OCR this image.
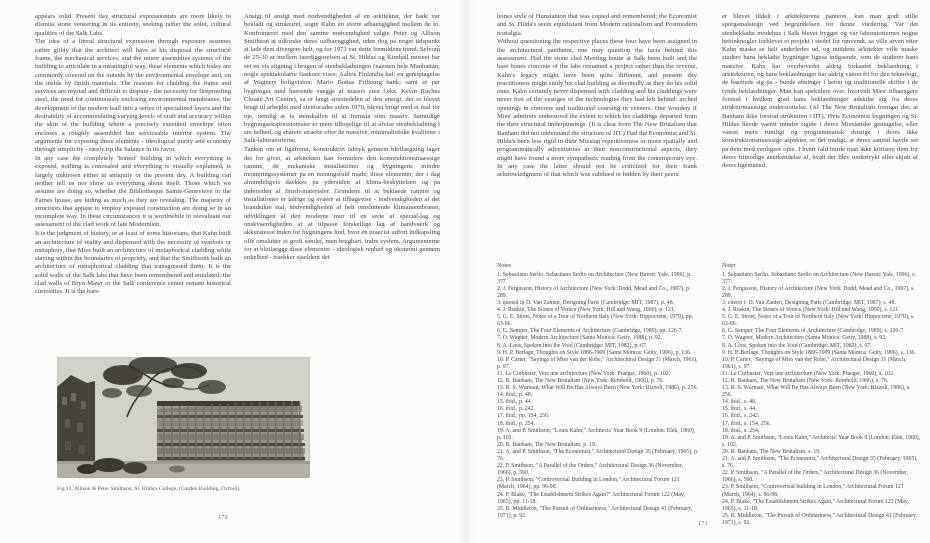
appears solid. Present day structural expressionists are more likely to dismiss stone veneering in its entirety, seeking rather the solid, cultural qualities of the Salk Labs.
The idea of a literal structural expression through exposure assumes rather glibly that the architect will have at his disposal the structural frame, the mechanical services, and the minor assemblies systems of the building to articulate in a meaningful way, these elements which today are commonly covered on the outside by the environmental envelope and, on the inside by finish materials. The reasons for cladding the frame and services are myriad and difficult to dispute - the necessity for fireproofing steel, the need for continuously enclosing environmental membranes, the development of the modern wall into a series of specialized layers and the desirability of accommodating varying levels of craft and accuracy within the skin of the building where a precisely executed envelope often encloses a roughly assembled but serviceable interior system. The arguments for exposing these elements - ideological purity and economy through simplicity - rarely tip the balance in its favor.
In any case the completely 'honest' building in which everything is exposed, nothing is concealed and everything is visually explained, is largely unknown either in antiquity or the present day. A building can neither tell us nor show us everything about itself. Those which we assume are doing so, whether the Bibliotheque Sainte-Genevieve or the Farnes house, are hiding as much as they are revealing. The majority of structures that appear to employ exposed construction are doing so in an incomplete way. In these circumstances it is worthwhile to reevaluate our assessment of the clad work of late Modernism.
It is the judgment of history, or at least of some historians, that Kahn built an architecture of reality and dispensed with the necessity of symbols or metaphors, that Mies built an architecture of metaphorical cladding while staying within the boundaries of propriety, and that the Smithsons built an architecture of metaphorical cladding that transgressed them. It is the solid walls of the Salk labs that have been remembered and emulated; the clad walls of Bryn Mawr or the Salk conference center remain historical curiosities. It is the bare-
Ansigt til ansigt med nodvendigheden af en arkitektur, der bade var bekladt og strukturel, sogte Kahn en storre afhaengighed mellem de to. Konfronteret med den samme nodvendighed valgte Peter og Allison Smithson at udforske deres uafhaengighed, uden dog pa noget tidspunkt at lade dem divergere helt, og for 1971 var dette fremtidens trend. Selvom de 25-30 ar mellem faerdiggorelsen af St. Hildas og Kimball museet har set en vis stigning i brugen af stenbekladningen (naesten hele Manhattan; nogle spektakulaere fiaskoer vises; Aaltos Finlandia hal; en genoptagelse af Wagners boligvision; Mario Bottas Fribourg bank; samt et par bygninger med baerende vaegge af massiv sten f.eks. Kevin Roches Choate Art Centre), sa er langt storstedelen af den energi, der er blevet brugt til arbejdet med stenfacader siden 1970, blevet brugt med et mal for oje, nemlig at fa stenskallen til at fremsta som massiv. Samtidige bygningsekspressionister er mere tilbojelige til at afvise stenbekladning i sin helhed, og snarere straebe efter de massive, minimalistiske kvaliteter i Salk-laboratorierne.
Tanken om et ligefremt, konstruktivt udtryk gennem blotlaegning tager det for givet, at arkitekten kan formulere den konstruktionsmaessige ramme, de mekaniske installationer og bygningens mindre monteringssystemer pa en meningsfuld made; disse elementer, der i dag almindeligvis daekkes pa ydersiden af klima-beskyttelsen og pa indersiden af finish-materialer. Grundene til at beklaede ramme og installationer er talrige og svaere at tilbagevise - nodvendigheden af det brandsikre stal, nodvendigheden af helt omsluttende klimamembraner, udviklingen af den moderne mur til en serie af special-lag og onskvaerdigheden af at tilpasse forskellige lag af handvaerk og akkuratesse inden for bygningens hud, hvor en praecist udfort indkapsling ofte omslutter et groft samlet, men brugbart, indre system. Argumenterne for at blotlaegge disse elementer - ideologisk renhed og okonomi gennem enkelhed - traekker sjaeldent det
Fig 13. Allison & Peter Smithson, St. Hilda's College, (Garden Building, Oxford).
170
bones style of Hunstanton that was copied and remembered; the Economist and St. Hilda's seem equidistant from Modern rationalism and Postmodern nostalgia.
Without questioning the respective places these four have been assigned in the architectural pantheon, one may question the facts behind this assessment. Had the stone clad Meeting house at Salk been built and the bare bones concrete of the labs remained a project rather than the reverse, Kahn's legacy might have been quite different, and present day practitioners might study his clad building as devotedly as they do his solid ones. Kahn certainly never dispensed with cladding and his claddings were never free of the vestiges of the technologies they had left behind: arched openings in concrete and traditional coursing in veneers. One wonders if Mies' admirers understood the extent to which his claddings departed from the their structural underpinnings. (It is clear from The New Brutalism that Banham did not understand the structure of IIT.) Had the Economist and St. Hilda's been less rigid in their Miesian repetitiveness or more spatially and programmatically adventurous in their nonconstructional aspects, they might have found a more sympathetic reading from the contemporary eye. In any case the latter should not be criticized for their frank acknowledgment of that which was subdued or hidden by their peers.
er blevet tildelt i arkitekturens panteon, kan man godt stille sporgsmalstegn ved begrundelsen for denne vurdering. Var det stenbekladte modehus i Salk blevet bygget og var laboratoriernes nogne betonknogler forblevet et projekt i stedet for omvendt, sa ville arven efter Kahn maske se helt anderledes ud, og nutidens arkitekter ville maske studere hans bekladte bygninger ligesa indgaende, som de studerer hans massive. Kahn har overhovedet aldrig forkastet beklaedning i arkitekturen, og hans beklaedninger har aldrig vaeret fri for den teknologi, de baserede sig pa - buede abninger i beton og traditionelle skifter i de tynde beklaedninger. Man kan spekulere over, hvorvidt Mies' tilhaengere forstod i hvilken grad hans beklaedninger adskilte sig fra deres strukturmaessige understottelse. (Af The New Brutalism fremgar det, at Banham ikke forstod strukturen i IIT). Hvis Economist bygningen og St. Hildas havde vaeret mindre rigide i deres Miesianske gentagelse, eller vaeret mere rumligt og programmatisk dristige i deres ikke konstruktionsmaessige aspekter, er det muligt, at deres samtid havde set pa dem med venligere ojne. I hvert fald burde man ikke kritisere dem for deres frimodige anerkendelse af, hvad der blev undertrykt eller skjult af deres ligemaend.
Notes
1. Sebastiano Serlio, Sebastiano Serlio on Architecture (New Haven: Yale, 1996), p. 377.
2. J. Fergusson, History of Architecture (New York: Dodd, Mead and Co., 1907), p. 289.
3. quoted in D. Van Zanten, Designing Paris (Cambridge: MIT, 1987), p. 48.
4. J. Ruskin, The Stones of Venice (New York: Hill and Wang, 1960), p. 121.
5. G. E. Street, Notes of a Tour of Northern Italy (New York: Hippocrene, 1970), pp. 63-66.
6. G. Semper, The Four Elements of Architecture (Cambridge, 1989), pp. 126-7.
7. O. Wagner, Modern Architecture (Santa Monica: Getty, 1988), p. 92.
8. A. Loos, Spoken into the Void (Cambridge: MIT, 1982), p. 67.
9. H. P. Berlage, Thoughts on Style 1886-1909 (Santa Monica: Getty, 1996), p. 136.
10. P. Carter, "Sayings of Mies van der Rohe," Architectural Design 31 (March, 1961), p. 97.
11. Le Corbusier, Vers une architecture (New York: Praeger, 1960), p. 102.
12. R. Banham, The New Brutalism (New York: Reinhold, 1966), p. 76.
13. R. S. Wurman, What Will Be Has Always Been (New York: Rizzoli, 1986), p. 256.
14. ibid., p. 48.
15. ibid., p. 44.
16. ibid., p. 242.
17. ibid., pp. 154, 256.
18. ibid., p. 254.
19. A. and P. Smithson, "Louis Kahn," Architects' Year Book 9 (London: Elek, 1960), p. 102.
20. R. Banham, The New Brutalism, p. 19.
21. A. and P. Smithson, "The Economist," Architectural Design 35 (February, 1965), p. 76.
22. P. Smithson, "A Parallel of the Orders," Architectural Design 36 (November, 1966), p. 560.
23. P. Smithson, "Controversial Building in London," Architectural Forum 121 (March, 1964), pp. 96-98.
24. P. Blake, "The Establishment Strikes Again?" Architectural Forum 122 (May, 1965), pp. 11-18.
25. R. Middleton, "The Pursuit of Ordinariness," Architectural Design 41 (February, 1971), p. 92.
Noter
1. Sebastiano Serlio, Sebastiano Serlio on Architecture (New Haven: Yale, 1996), s. 377.
2. J. Fergusson, History of Architecture (New York: Dodd, Mead and Co., 1907), s. 289.
3. citeret i: D. Van Zanten, Designing Paris (Cambridge: MIT, 1987), s. 48.
4. J. Ruskin, The Stones of Venice (New York: Hill and Wang, 1960), s. 121.
5. G. E. Street, Notes of a Tour of Northern Italy (New York: Hippocrene, 1970), s. 63-66.
6. G. Semper, The Four Elements of Architecture (Cambridge, 1989), s. 126-7.
7. O. Wagner, Modern Architecture (Santa Monica: Getty, 1988), s. 92.
8. A. Loos, Spoken into the Void (Cambridge: MIT, 1982), s. 67.
9. H. P. Berlage, Thoughts on Style 1886-1909 (Santa Monica: Getty, 1996), s. 136.
10. P. Carter, "Sayings of Mies van der Rohe," Architectural Design 31 (March, 1961), s. 97.
11. Le Corbusier, Vers une architecture (New York: Praeger, 1960), s. 102.
12. R. Banham, The New Brutalism (New York: Reinhold, 1966), s. 76.
13. R. S. Wurman, What Will Be Has Always Been (New York: Rizzoli, 1986), s. 256.
14. ibid., s. 48.
15. ibid., s. 44.
16. ibid., s. 242.
17. ibid., s. 154, 256.
18. ibid., s. 254.
19. A. and P. Smithson, "Louis Kahn," Architects' Year Book 9 (London: Elek, 1960), s. 102.
20. R. Banham, The New Brutalism, s. 19.
21. A. and P. Smithson, "The Economist," Architectural Design 35 (February, 1965), s. 76.
22. P. Smithson, "A Parallel of the Orders," Architectural Design 36 (November, 1966), s. 560.
23. P. Smithson, "Controversial building in London," Architectural Forum 121 (March, 1964), s. 96-98.
24. P. Blake, "The Establishment Strikes Again," Architectural Forum 122 (May, 1965), s. 11-18.
25. R. Middleton, "The Pursuit of Ordinariness," Architectural Design 41 (February, 1971), s. 92.
171
